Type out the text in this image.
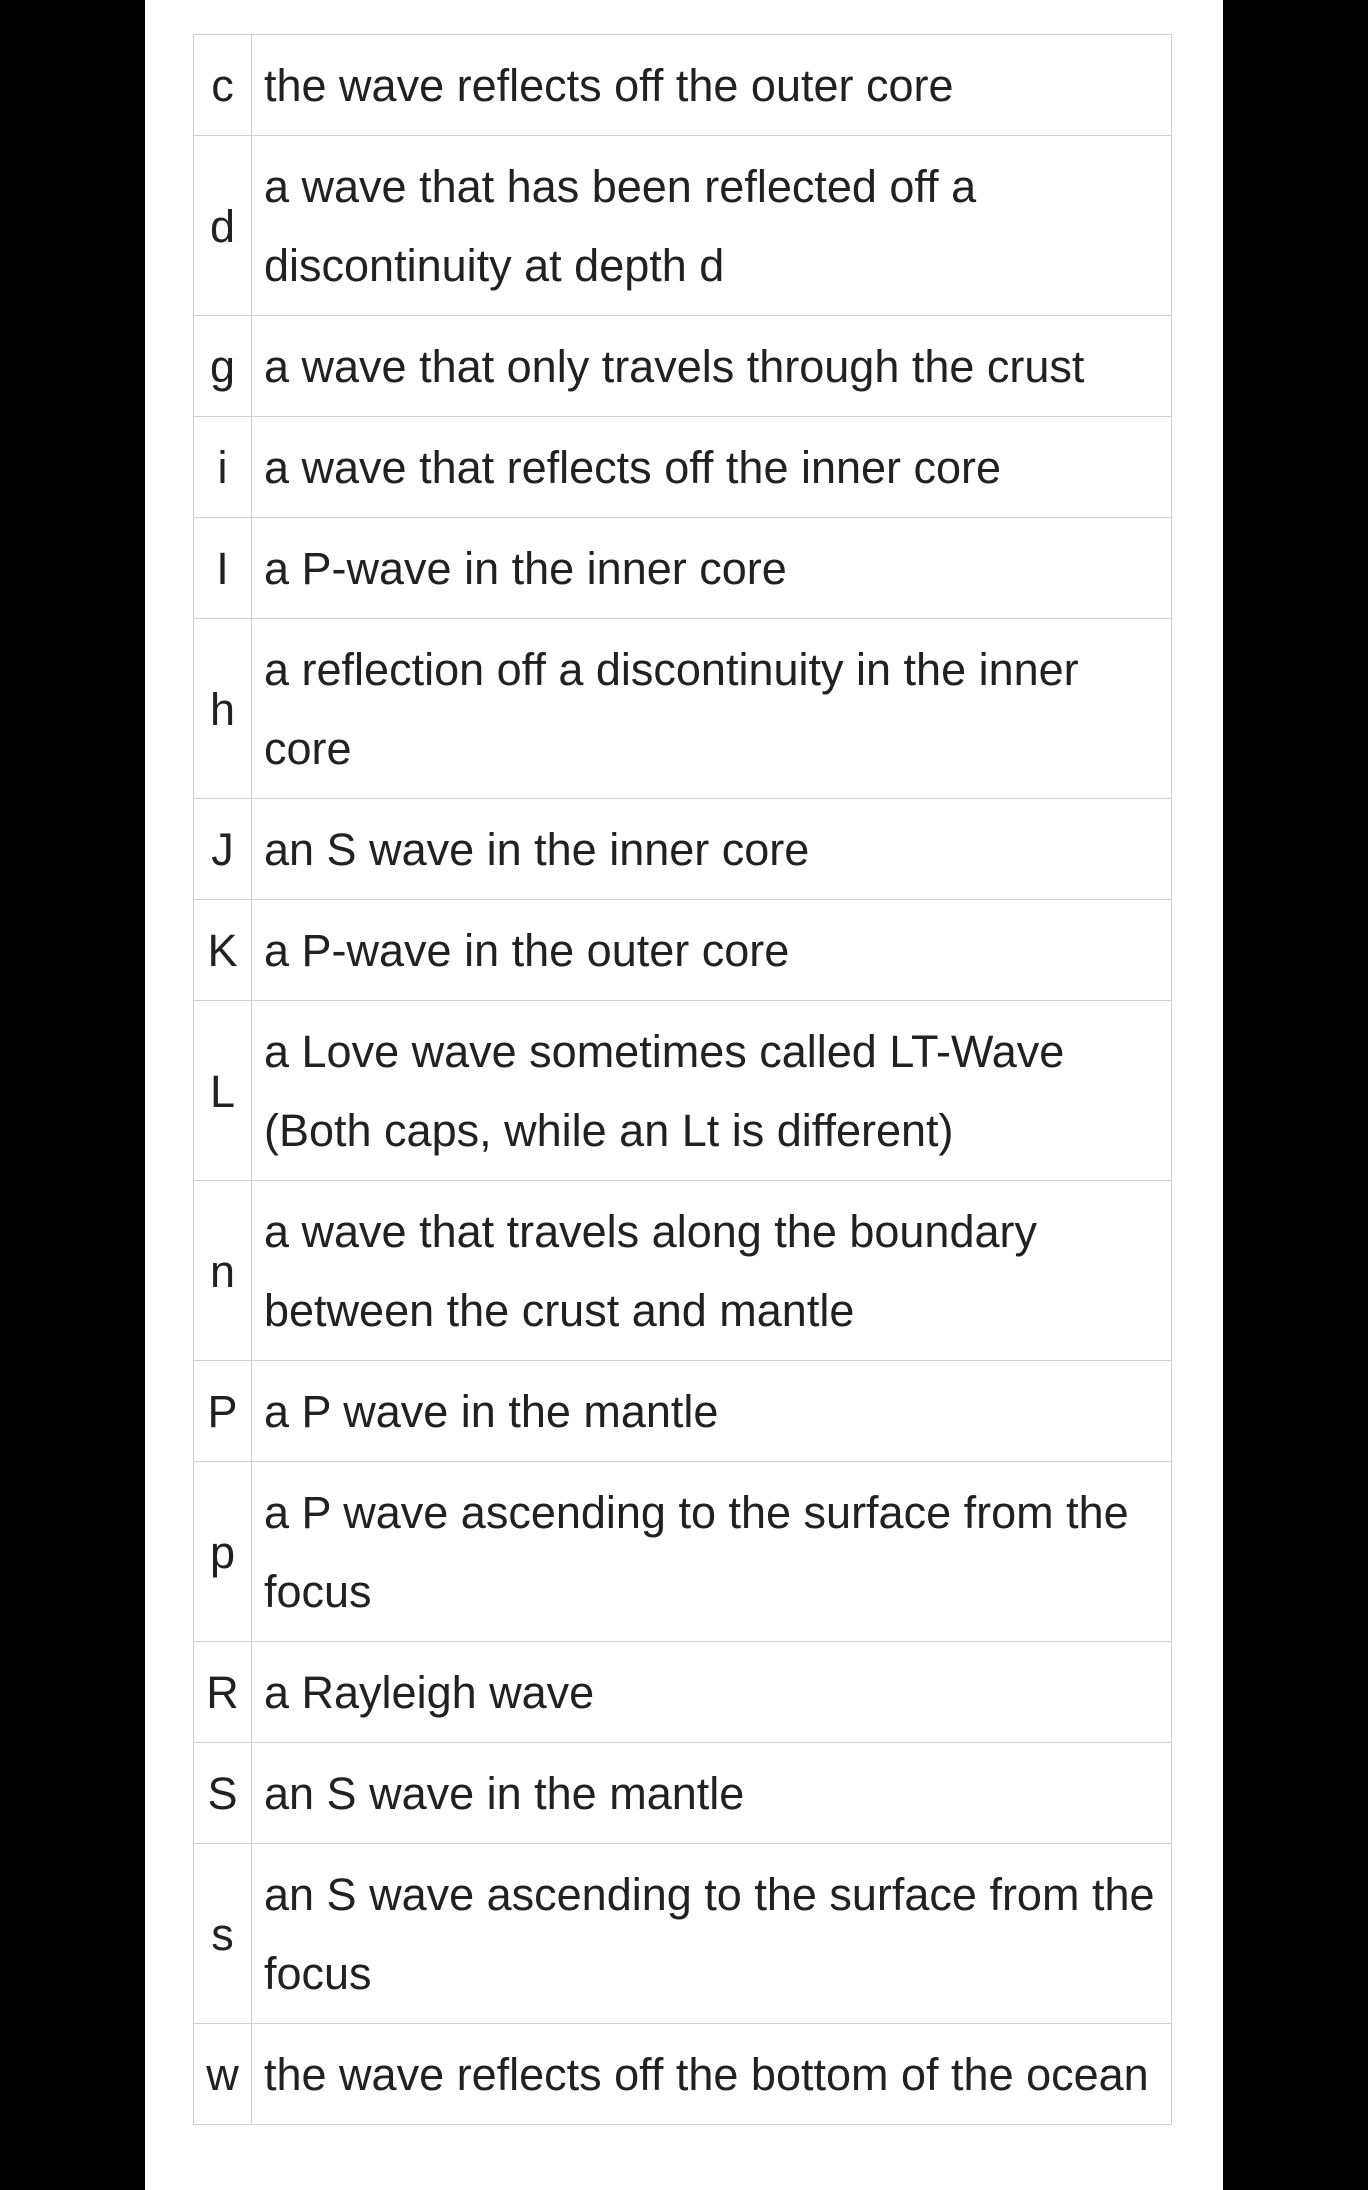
c	the wave reflects off the outer core
d	a wave that has been reflected off a discontinuity at depth d
g	a wave that only travels through the crust
i	a wave that reflects off the inner core
I	a P-wave in the inner core
h	a reflection off a discontinuity in the inner core
J	an S wave in the inner core
K	a P-wave in the outer core
L	a Love wave sometimes called LT-Wave (Both caps, while an Lt is different)
n	a wave that travels along the boundary between the crust and mantle
P	a P wave in the mantle
p	a P wave ascending to the surface from the focus
R	a Rayleigh wave
S	an S wave in the mantle
s	an S wave ascending to the surface from the focus
w	the wave reflects off the bottom of the ocean
